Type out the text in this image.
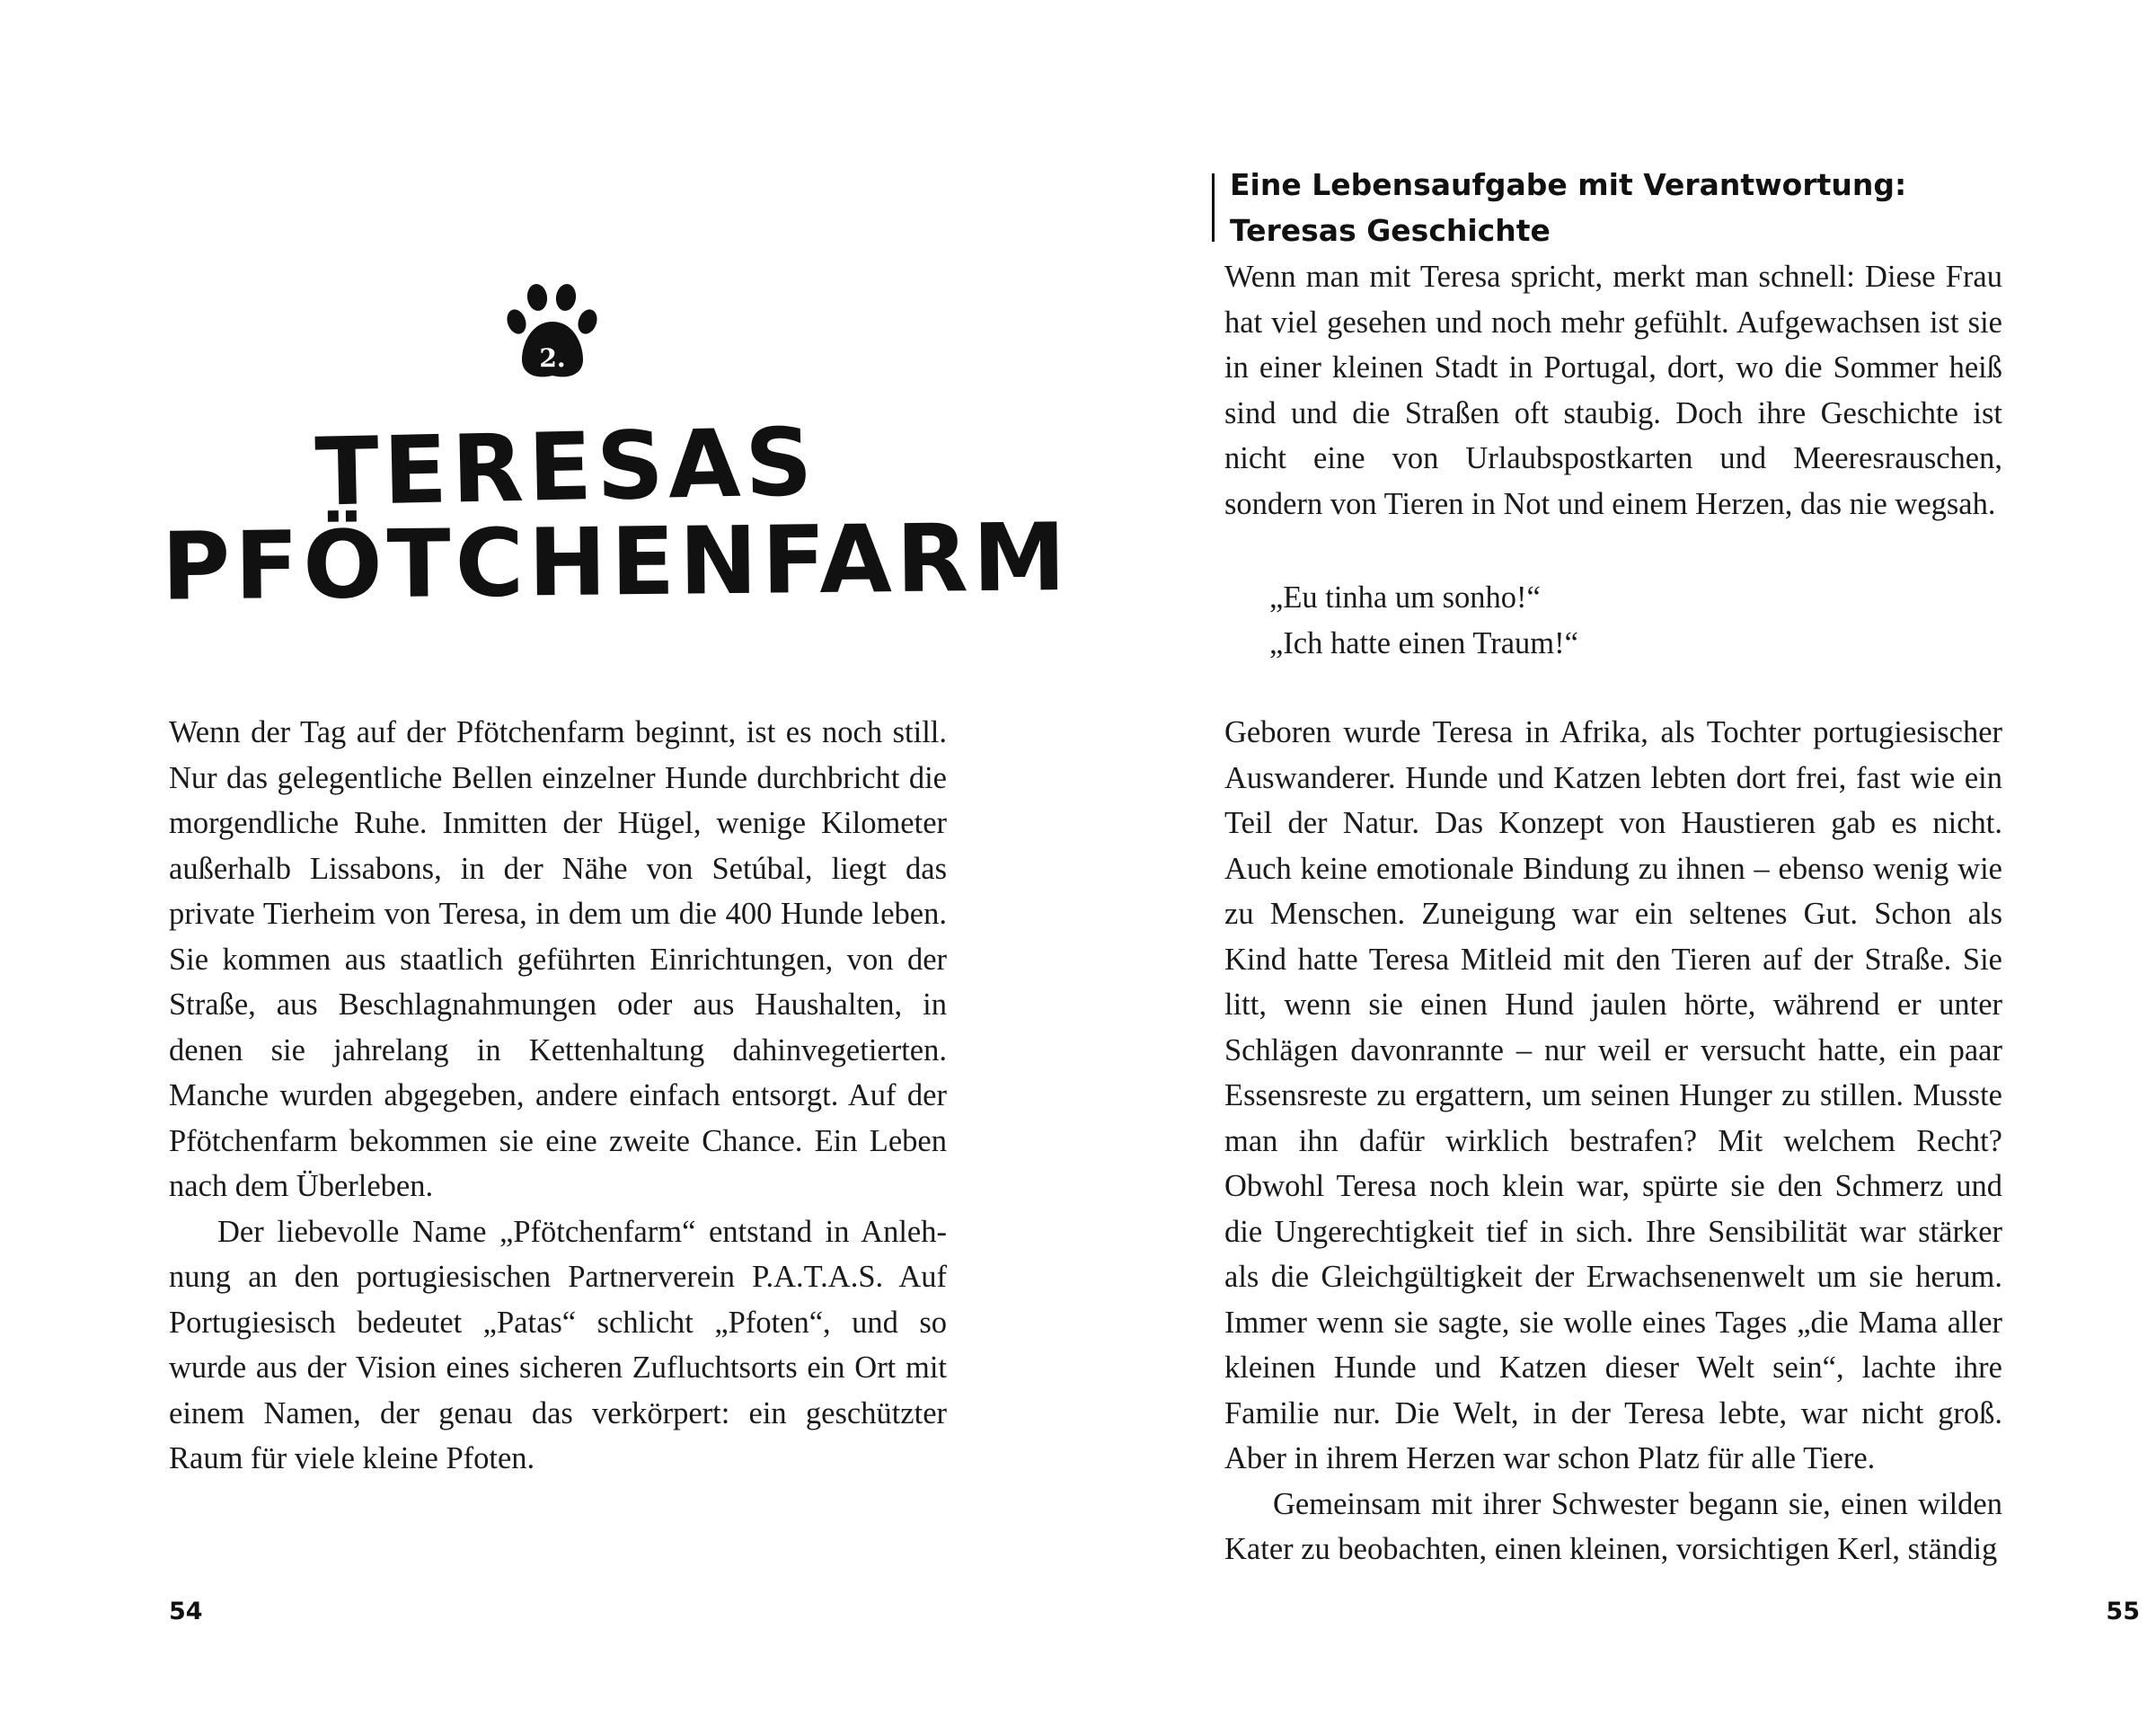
2.
TERESAS
PFÖTCHENFARM

Wenn der Tag auf der Pfötchenfarm beginnt, ist es noch still. Nur das gelegentliche Bellen einzelner Hunde durchbricht die morgendliche Ruhe. Inmitten der Hügel, wenige Kilometer außerhalb Lissabons, in der Nähe von Setúbal, liegt das private Tierheim von Teresa, in dem um die 400 Hunde leben. Sie kommen aus staatlich geführten Einrichtungen, von der Straße, aus Beschlagnahmungen oder aus Haushalten, in denen sie jahrelang in Kettenhaltung dahinvegetierten. Manche wurden abgegeben, andere einfach entsorgt. Auf der Pfötchenfarm bekommen sie eine zweite Chance. Ein Leben nach dem Überleben.

Der liebevolle Name „Pfötchenfarm“ entstand in Anlehnung an den portugiesischen Partnerverein P.A.T.A.S. Auf Portugiesisch bedeutet „Patas“ schlicht „Pfoten“, und so wurde aus der Vision eines sicheren Zufluchtsorts ein Ort mit einem Namen, der genau das verkörpert: ein geschützter Raum für viele kleine Pfoten.

54
Eine Lebensaufgabe mit Verantwortung: Teresas Geschichte

Wenn man mit Teresa spricht, merkt man schnell: Diese Frau hat viel gesehen und noch mehr gefühlt. Aufgewachsen ist sie in einer kleinen Stadt in Portugal, dort, wo die Sommer heiß sind und die Straßen oft staubig. Doch ihre Geschichte ist nicht eine von Urlaubspostkarten und Meeresrauschen, sondern von Tieren in Not und einem Herzen, das nie wegsah.

„Eu tinha um sonho!“
„Ich hatte einen Traum!“

Geboren wurde Teresa in Afrika, als Tochter portugiesischer Auswanderer. Hunde und Katzen lebten dort frei, fast wie ein Teil der Natur. Das Konzept von Haustieren gab es nicht. Auch keine emotionale Bindung zu ihnen – ebenso wenig wie zu Menschen. Zuneigung war ein seltenes Gut. Schon als Kind hatte Teresa Mitleid mit den Tieren auf der Straße. Sie litt, wenn sie einen Hund jaulen hörte, während er unter Schlägen davonrannte – nur weil er versucht hatte, ein paar Essensreste zu ergattern, um seinen Hunger zu stillen. Musste man ihn dafür wirklich bestrafen? Mit welchem Recht? Obwohl Teresa noch klein war, spürte sie den Schmerz und die Ungerechtigkeit tief in sich. Ihre Sensibilität war stärker als die Gleichgültigkeit der Erwachsenenwelt um sie herum. Immer wenn sie sagte, sie wolle eines Tages „die Mama aller kleinen Hunde und Katzen dieser Welt sein“, lachte ihre Familie nur. Die Welt, in der Teresa lebte, war nicht groß. Aber in ihrem Herzen war schon Platz für alle Tiere.

Gemeinsam mit ihrer Schwester begann sie, einen wilden Kater zu beobachten, einen kleinen, vorsichtigen Kerl, ständig

55
